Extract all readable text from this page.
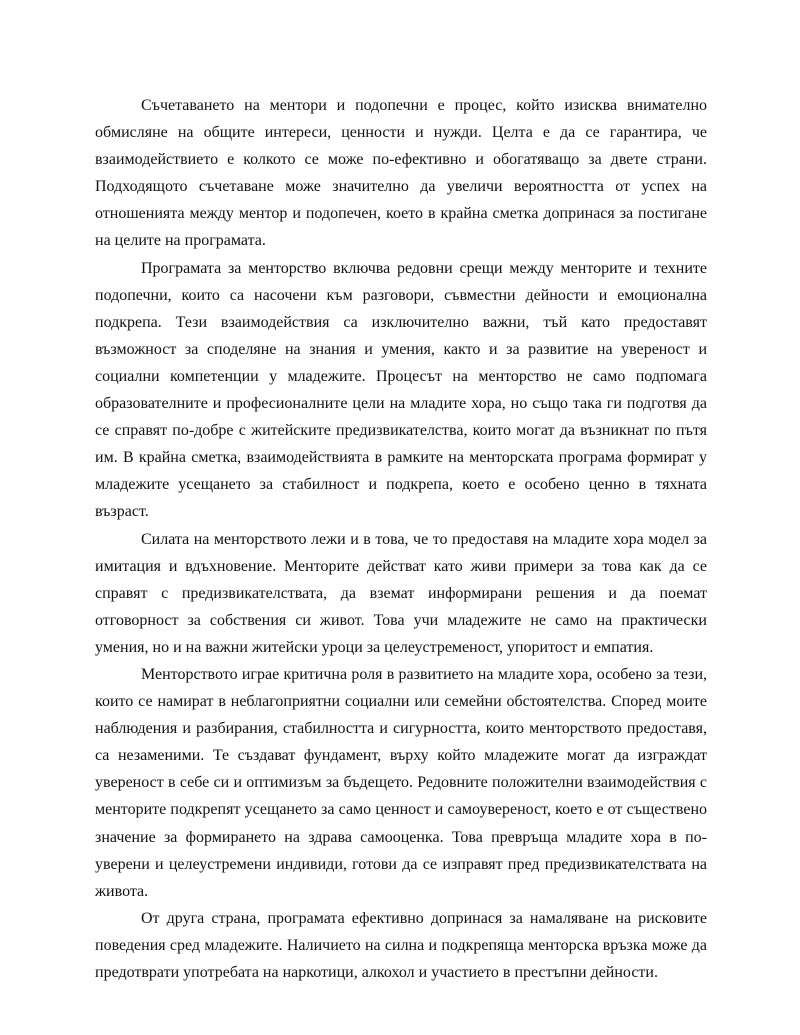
Съчетаването на ментори и подопечни е процес, който изисква внимателно обмисляне на общите интереси, ценности и нужди. Целта е да се гарантира, че взаимодействието е колкото се може по-ефективно и обогатяващо за двете страни. Подходящото съчетаване може значително да увеличи вероятността от успех на отношенията между ментор и подопечен, което в крайна сметка допринася за постигане на целите на програмата.

Програмата за менторство включва редовни срещи между менторите и техните подопечни, които са насочени към разговори, съвместни дейности и емоционална подкрепа. Тези взаимодействия са изключително важни, тъй като предоставят възможност за споделяне на знания и умения, както и за развитие на увереност и социални компетенции у младежите. Процесът на менторство не само подпомага образователните и професионалните цели на младите хора, но също така ги подготвя да се справят по-добре с житейските предизвикателства, които могат да възникнат по пътя им. В крайна сметка, взаимодействията в рамките на менторската програма формират у младежите усещането за стабилност и подкрепа, което е особено ценно в тяхната възраст.

Силата на менторството лежи и в това, че то предоставя на младите хора модел за имитация и вдъхновение. Менторите действат като живи примери за това как да се справят с предизвикателствата, да вземат информирани решения и да поемат отговорност за собствения си живот. Това учи младежите не само на практически умения, но и на важни житейски уроци за целеустременост, упоритост и емпатия.

Менторството играе критична роля в развитието на младите хора, особено за тези, които се намират в неблагоприятни социални или семейни обстоятелства. Според моите наблюдения и разбирания, стабилността и сигурността, които менторството предоставя, са незаменими. Те създават фундамент, върху който младежите могат да изграждат увереност в себе си и оптимизъм за бъдещето. Редовните положителни взаимодействия с менторите подкрепят усещането за само ценност и самоувереност, което е от съществено значение за формирането на здрава самооценка. Това превръща младите хора в по-уверени и целеустремени индивиди, готови да се изправят пред предизвикателствата на живота.

От друга страна, програмата ефективно допринася за намаляване на рисковите поведения сред младежите. Наличието на силна и подкрепяща менторска връзка може да предотврати употребата на наркотици, алкохол и участието в престъпни дейности.
